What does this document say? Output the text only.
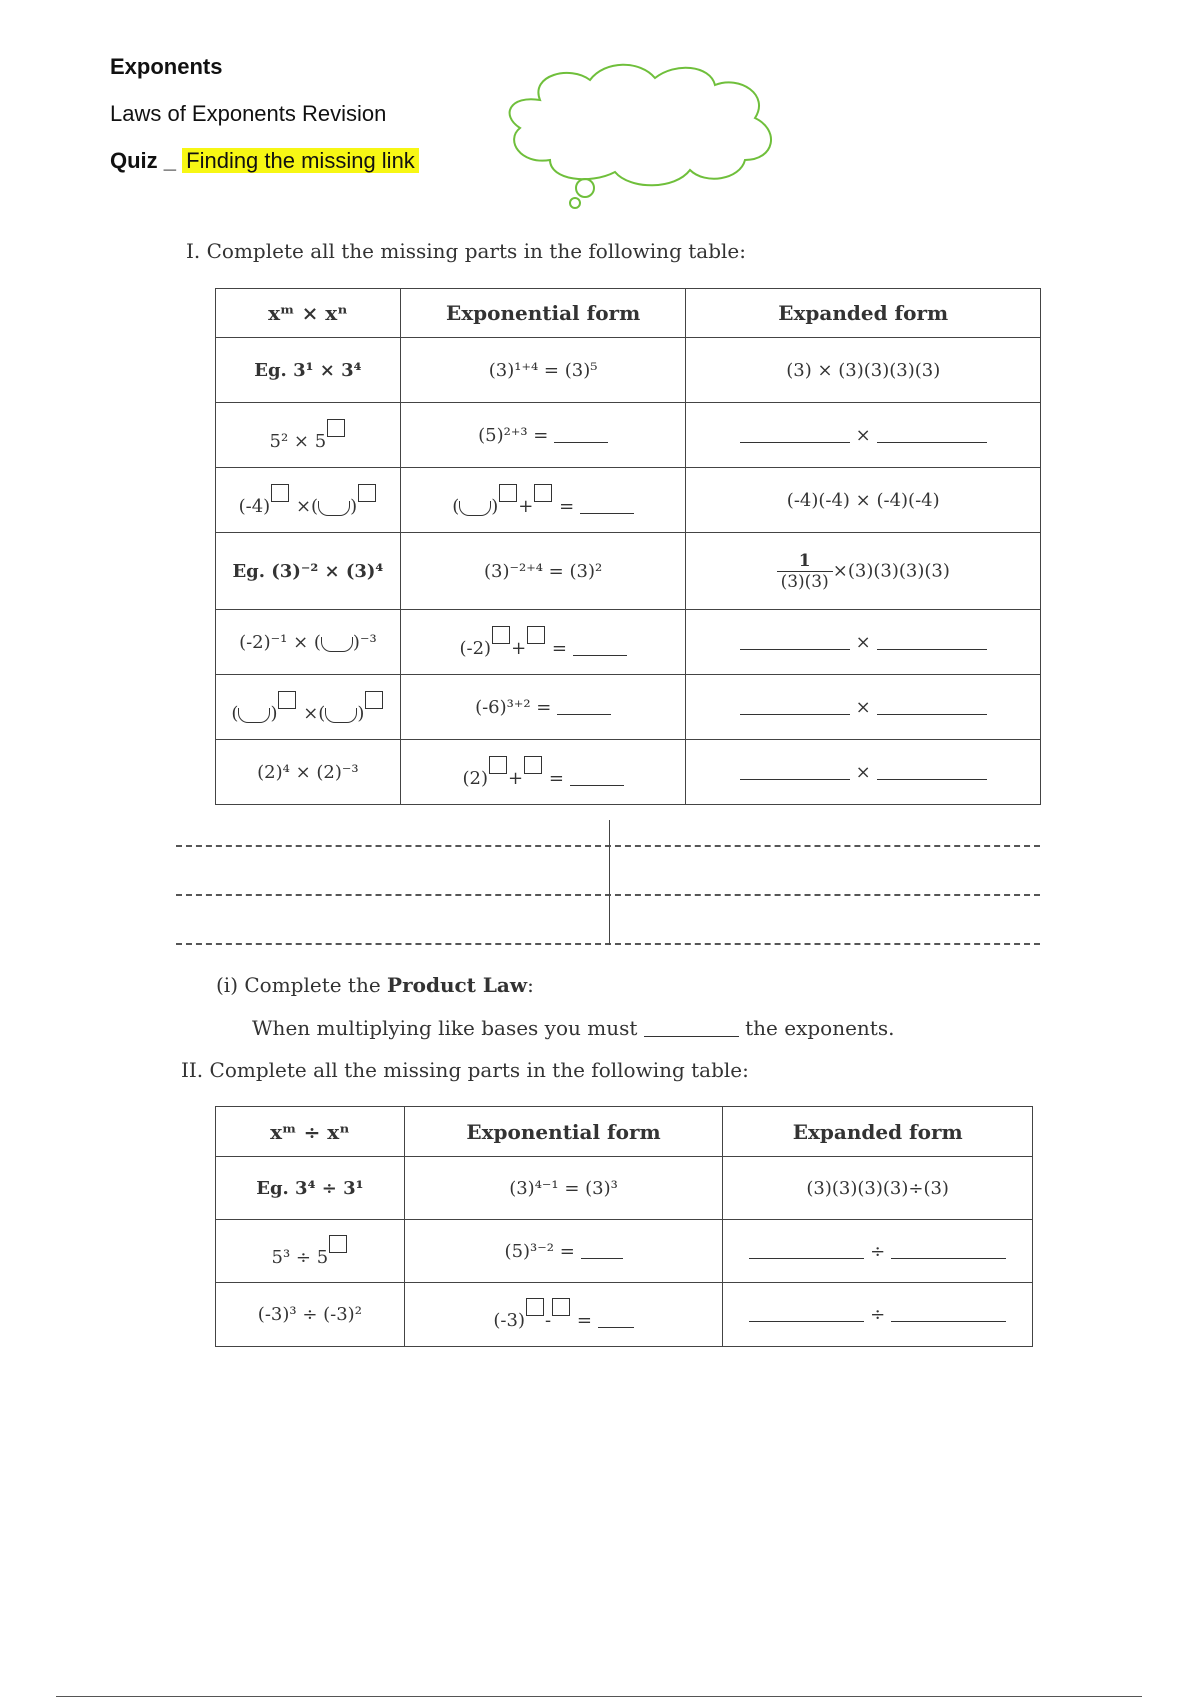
Exponents
Laws of Exponents Revision
Quiz _ Finding the missing link
I. Complete all the missing parts in the following table:
xᵐ × xⁿ	Exponential form	Expanded form
Eg. 3¹ × 3⁴	(3)¹⁺⁴ = (3)⁵	(3) × (3)(3)(3)(3)
5² × 5	(5)²⁺³ =	×
(-4) ×( )	( ) + =	(-4)(-4) × (-4)(-4)
Eg. (3)⁻² × (3)⁴	(3)⁻²⁺⁴ = (3)²	$\frac{1}{(3)(3)} \times(3)(3)(3)(3)$
(-2)⁻¹ × ( )⁻³	(-2) + =	×
( ) ×( )	(-6)³⁺² =	×
(2)⁴ × (2)⁻³	(2) + =	×
(i) Complete the Product Law:
When multiplying like bases you must	the exponents.
II. Complete all the missing parts in the following table:
xᵐ ÷ xⁿ	Exponential form	Expanded form
Eg. 3⁴ ÷ 3¹	(3)⁴⁻¹ = (3)³	(3)(3)(3)(3)÷(3)
5³ ÷ 5	(5)³⁻² =	÷
(-3)³ ÷ (-3)²	(-3) - =	÷
